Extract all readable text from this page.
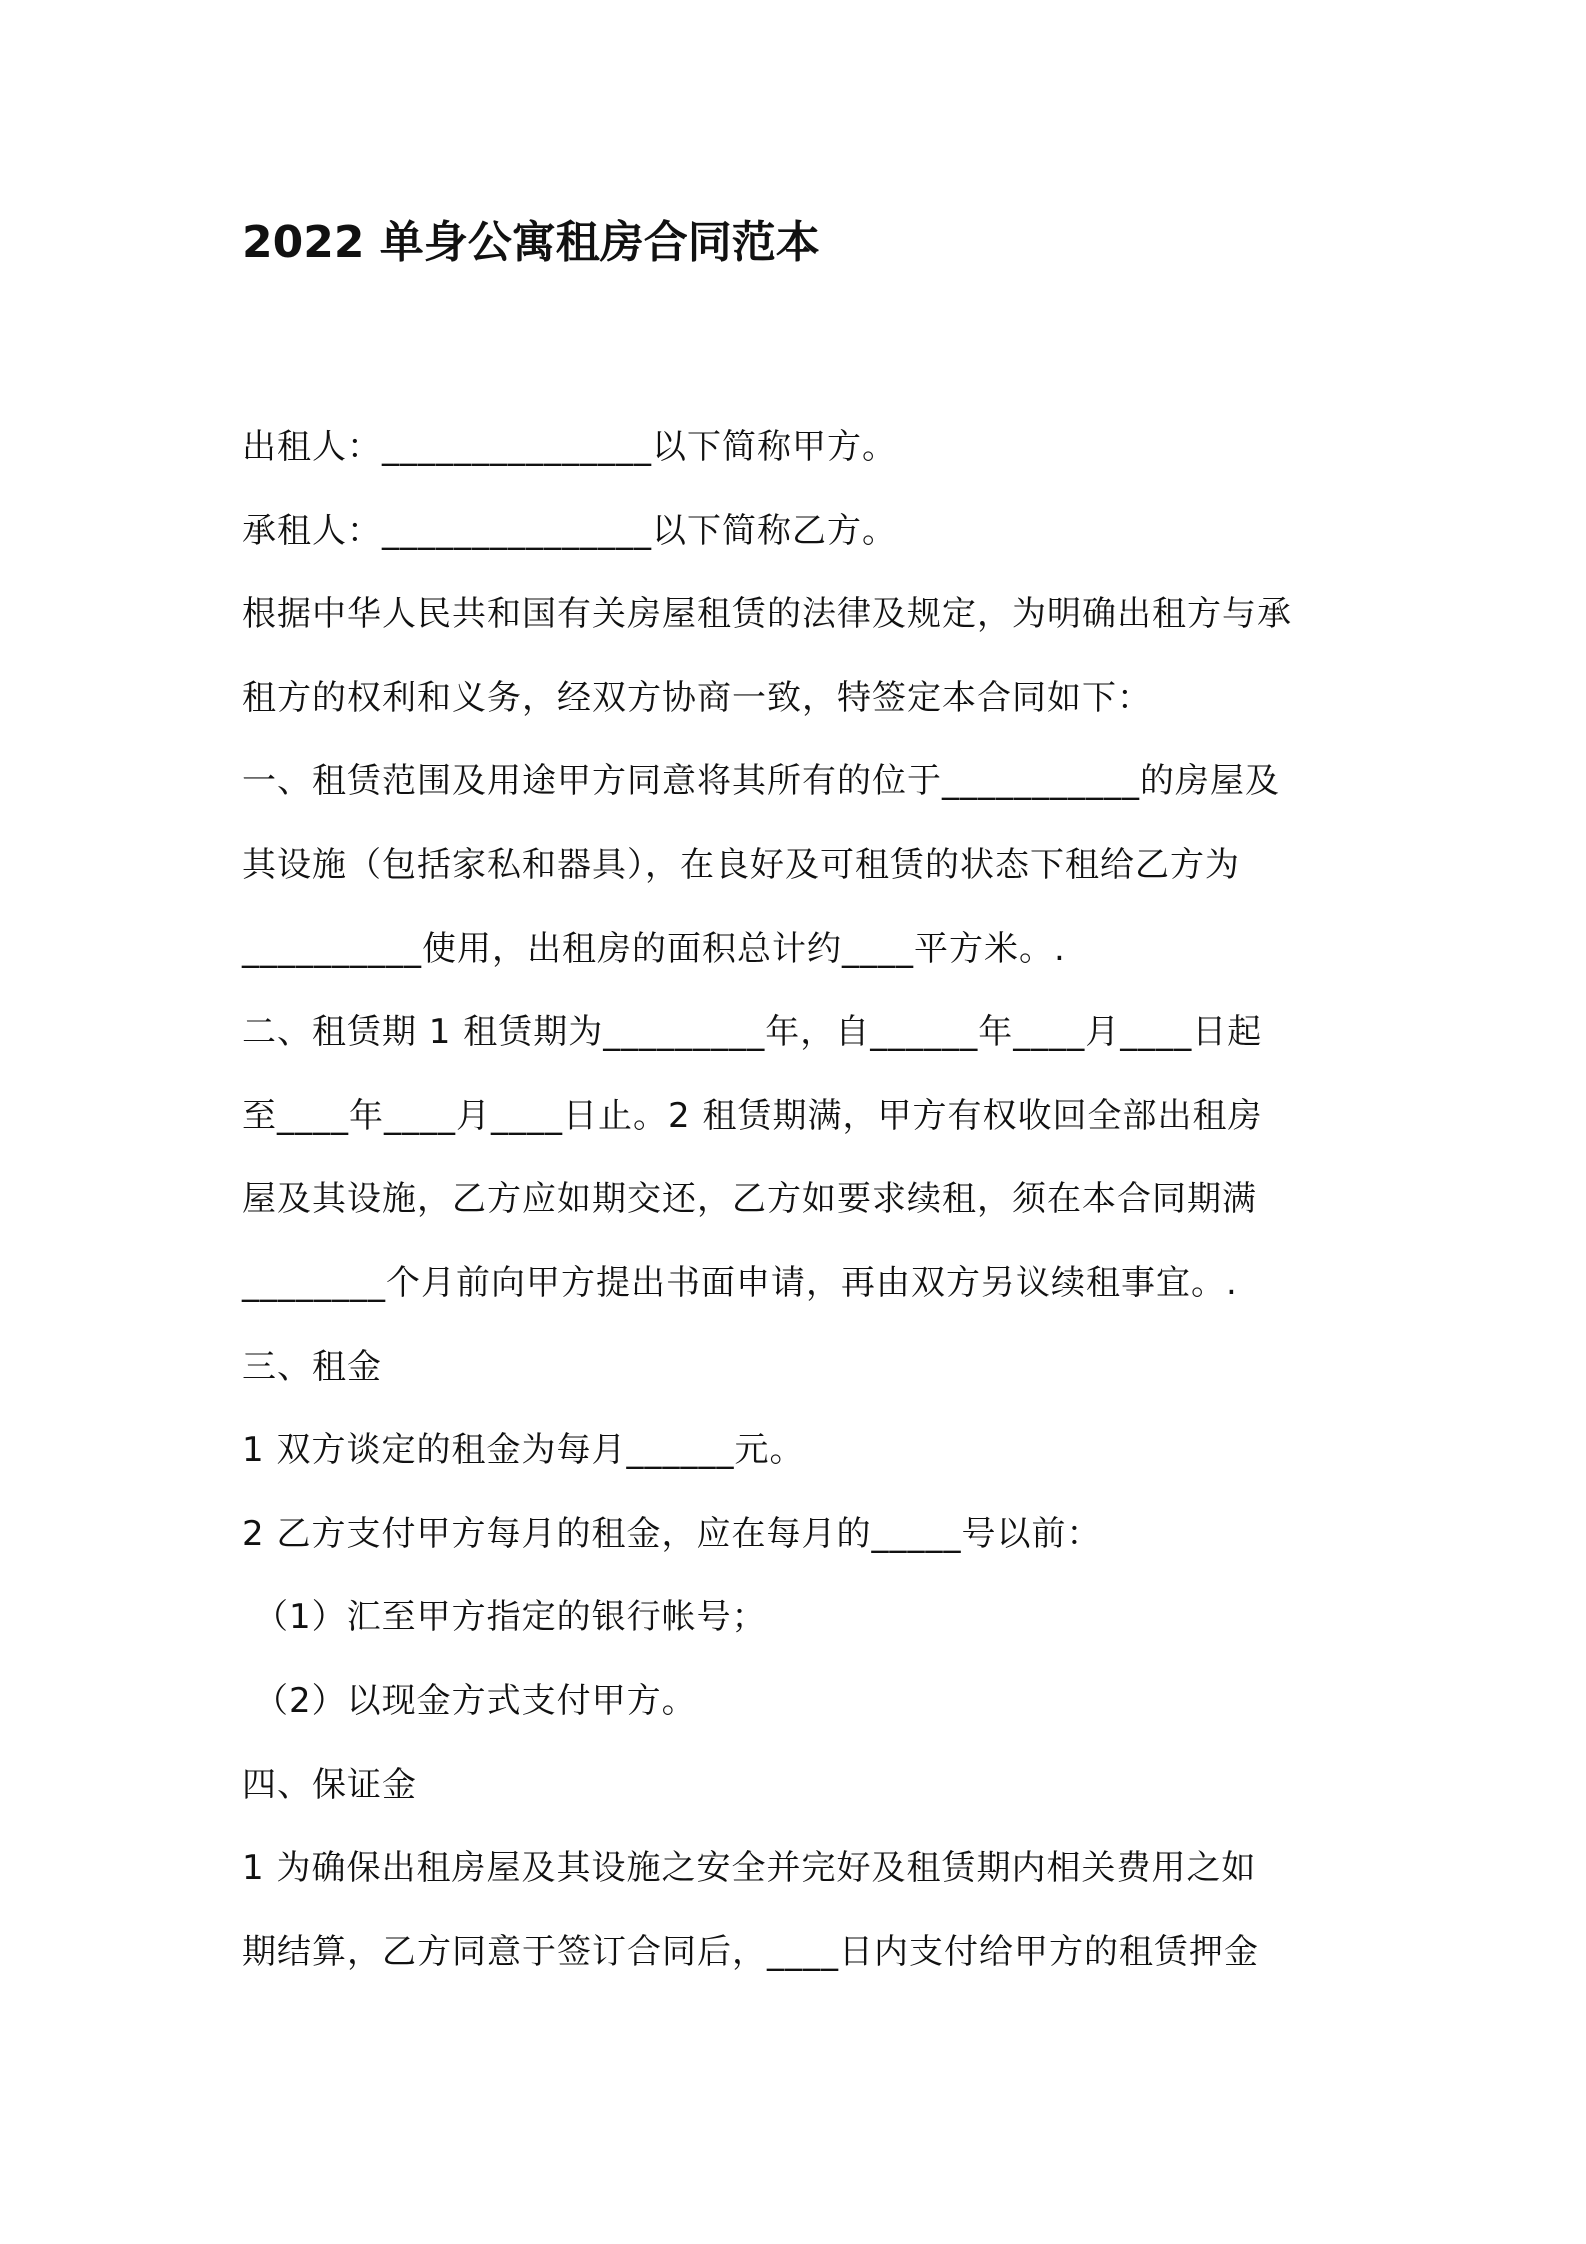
2022 单身公寓租房合同范本
出租人：_______________以下简称甲方。
承租人：_______________以下简称乙方。
根据中华人民共和国有关房屋租赁的法律及规定，为明确出租方与承
租方的权利和义务，经双方协商一致，特签定本合同如下：
一、租赁范围及用途甲方同意将其所有的位于___________的房屋及
其设施（包括家私和器具），在良好及可租赁的状态下租给乙方为
__________使用，出租房的面积总计约____平方米。.
二、租赁期 1 租赁期为_________年，自______年____月____日起
至____年____月____日止。2 租赁期满，甲方有权收回全部出租房
屋及其设施，乙方应如期交还，乙方如要求续租，须在本合同期满
________个月前向甲方提出书面申请，再由双方另议续租事宜。.
三、租金
1 双方谈定的租金为每月______元。
2 乙方支付甲方每月的租金，应在每月的_____号以前：
（1）汇至甲方指定的银行帐号；
（2）以现金方式支付甲方。
四、保证金
1 为确保出租房屋及其设施之安全并完好及租赁期内相关费用之如
期结算，乙方同意于签订合同后，____日内支付给甲方的租赁押金
